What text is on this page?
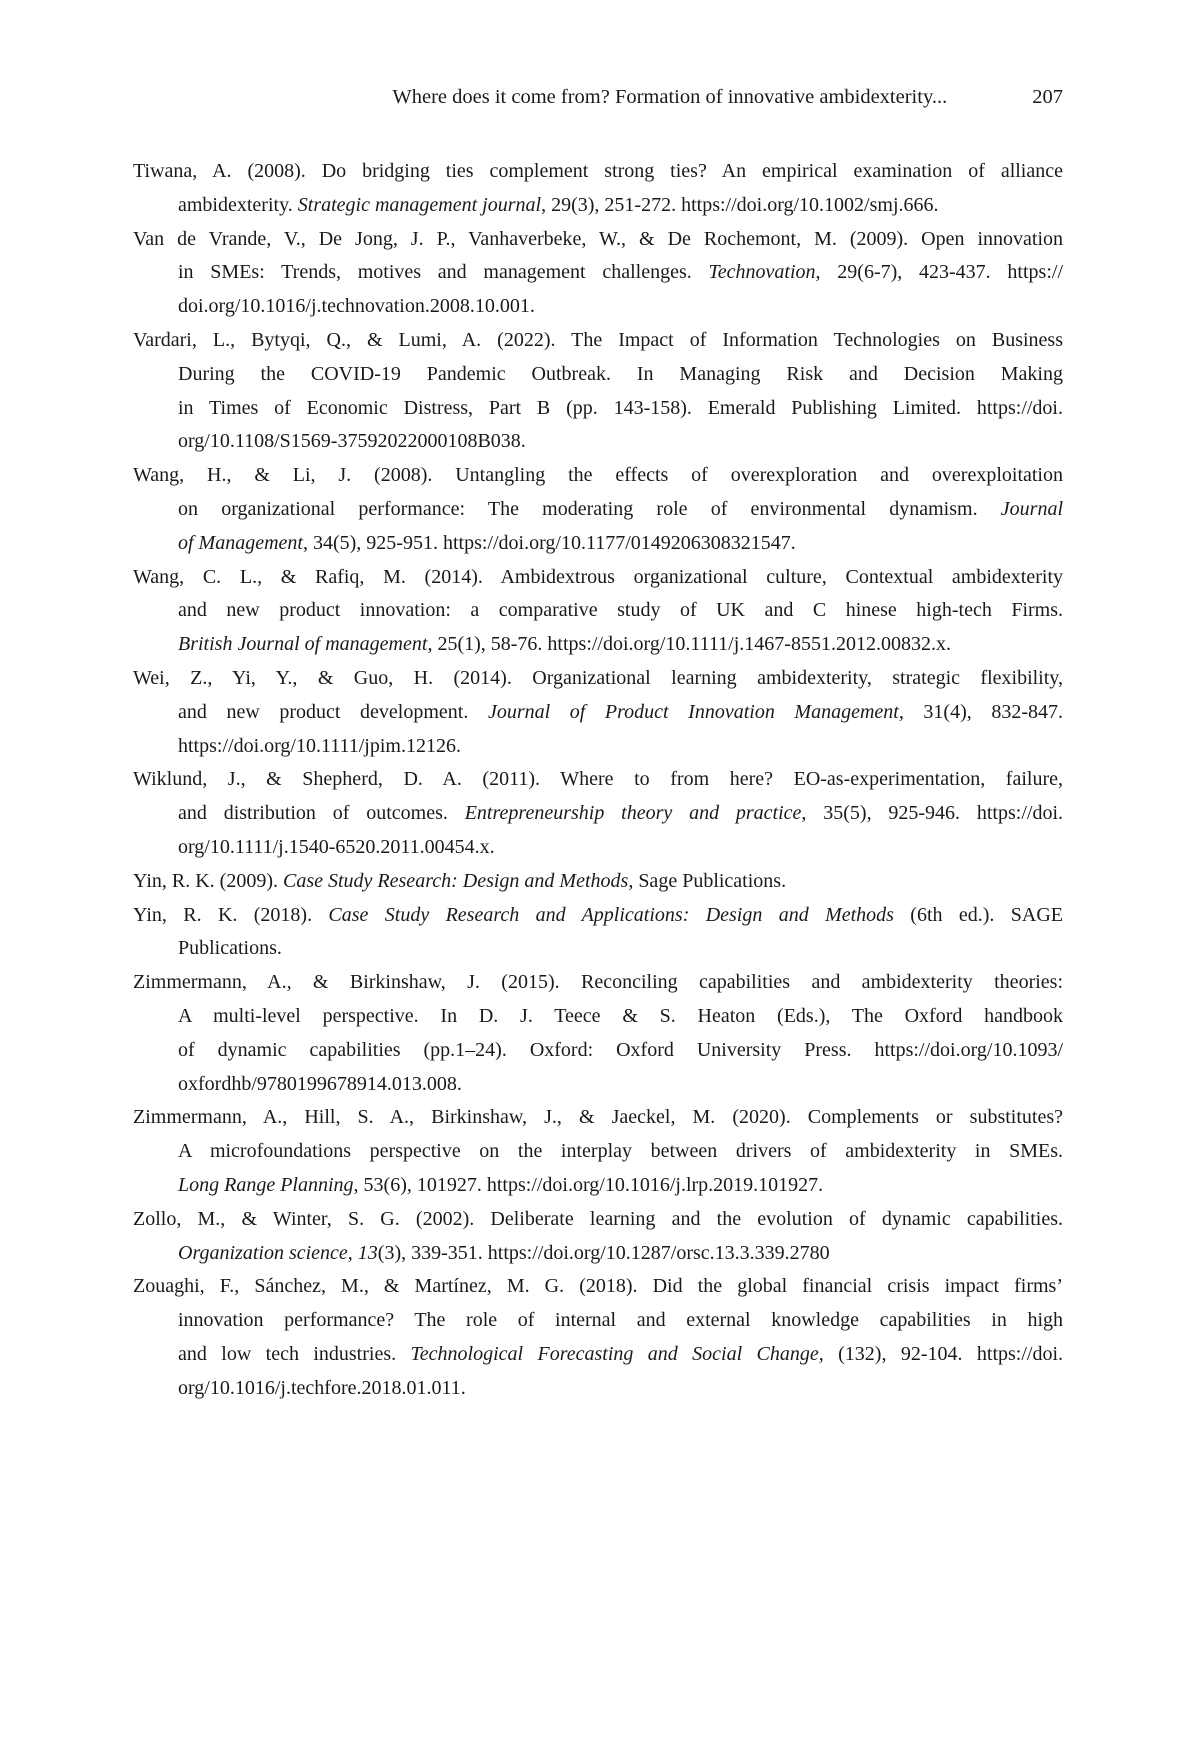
Where does it come from? Formation of innovative ambidexterity...	207
Tiwana, A. (2008). Do bridging ties complement strong ties? An empirical examination of alliance
ambidexterity. Strategic management journal, 29(3), 251-272. https://doi.org/10.1002/smj.666.
Van de Vrande, V., De Jong, J. P., Vanhaverbeke, W., & De Rochemont, M. (2009). Open innovation
in SMEs: Trends, motives and management challenges. Technovation, 29(6-7), 423-437. https://
doi.org/10.1016/j.technovation.2008.10.001.
Vardari, L., Bytyqi, Q., & Lumi, A. (2022). The Impact of Information Technologies on Business
During the COVID-19 Pandemic Outbreak. In Managing Risk and Decision Making
in Times of Economic Distress, Part B (pp. 143-158). Emerald Publishing Limited. https://doi.
org/10.1108/S1569-37592022000108B038.
Wang, H., & Li, J. (2008). Untangling the effects of overexploration and overexploitation
on organizational performance: The moderating role of environmental dynamism. Journal
of Management, 34(5), 925-951. https://doi.org/10.1177/0149206308321547.
Wang, C. L., & Rafiq, M. (2014). Ambidextrous organizational culture, Contextual ambidexterity
and new product innovation: a comparative study of UK and C hinese high-tech Firms.
British Journal of management, 25(1), 58-76. https://doi.org/10.1111/j.1467-8551.2012.00832.x.
Wei, Z., Yi, Y., & Guo, H. (2014). Organizational learning ambidexterity, strategic flexibility,
and new product development. Journal of Product Innovation Management, 31(4), 832-847.
https://doi.org/10.1111/jpim.12126.
Wiklund, J., & Shepherd, D. A. (2011). Where to from here? EO-as-experimentation, failure,
and distribution of outcomes. Entrepreneurship theory and practice, 35(5), 925-946. https://doi.
org/10.1111/j.1540-6520.2011.00454.x.
Yin, R. K. (2009). Case Study Research: Design and Methods, Sage Publications.
Yin, R. K. (2018). Case Study Research and Applications: Design and Methods (6th ed.). SAGE
Publications.
Zimmermann, A., & Birkinshaw, J. (2015). Reconciling capabilities and ambidexterity theories:
A multi-level perspective. In D. J. Teece & S. Heaton (Eds.), The Oxford handbook
of dynamic capabilities (pp.1–24). Oxford: Oxford University Press. https://doi.org/10.1093/
oxfordhb/9780199678914.013.008.
Zimmermann, A., Hill, S. A., Birkinshaw, J., & Jaeckel, M. (2020). Complements or substitutes?
A microfoundations perspective on the interplay between drivers of ambidexterity in SMEs.
Long Range Planning, 53(6), 101927. https://doi.org/10.1016/j.lrp.2019.101927.
Zollo, M., & Winter, S. G. (2002). Deliberate learning and the evolution of dynamic capabilities.
Organization science, 13(3), 339-351. https://doi.org/10.1287/orsc.13.3.339.2780
Zouaghi, F., Sánchez, M., & Martínez, M. G. (2018). Did the global financial crisis impact firms’
innovation performance? The role of internal and external knowledge capabilities in high
and low tech industries. Technological Forecasting and Social Change, (132), 92-104. https://doi.
org/10.1016/j.techfore.2018.01.011.
